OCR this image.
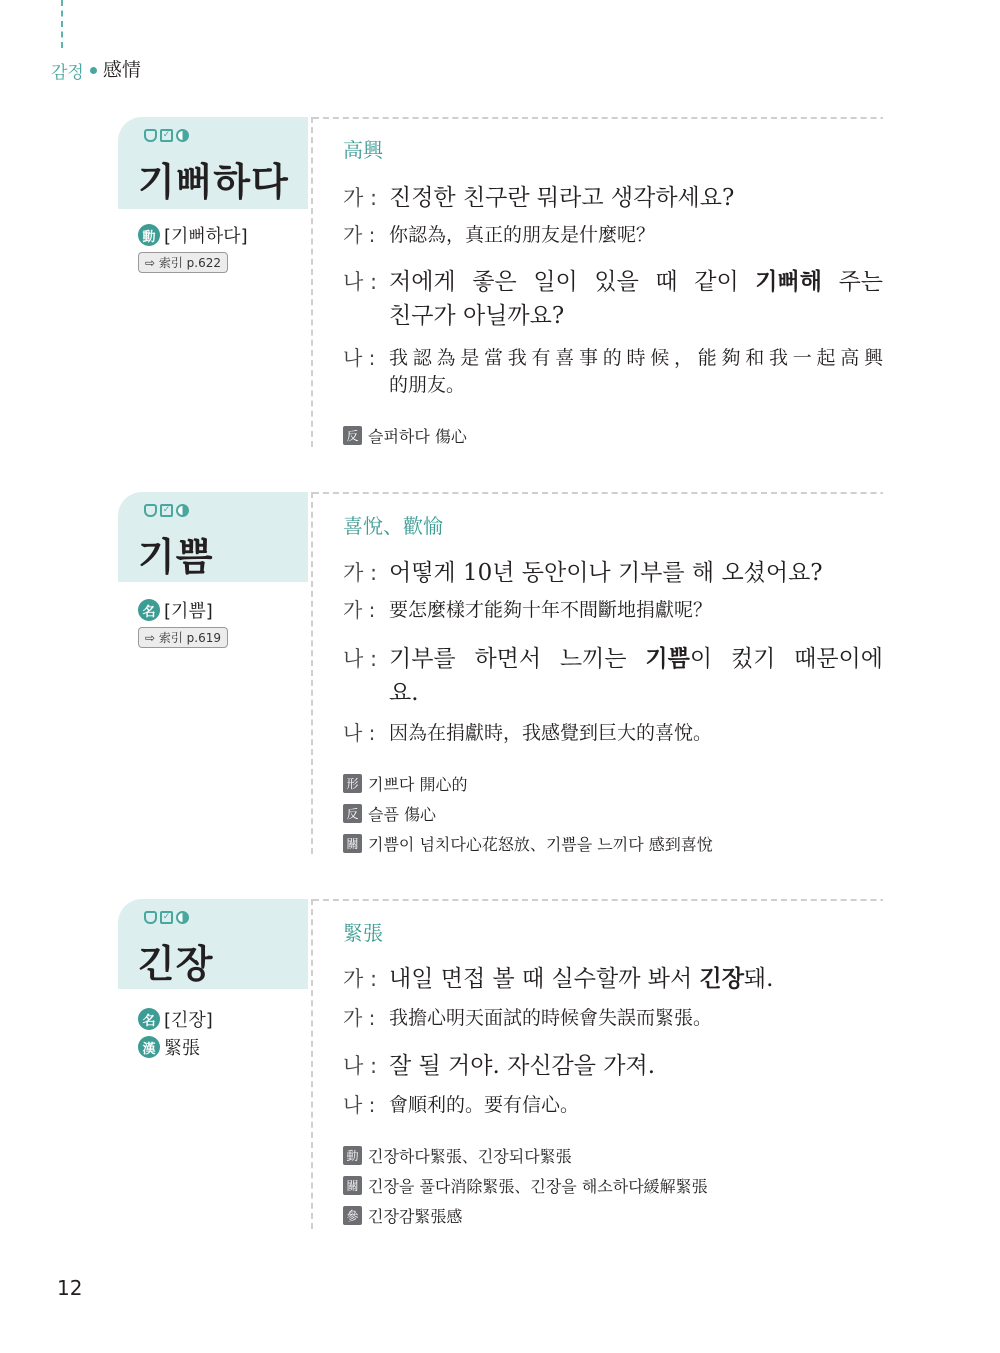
감정 感情
✓
기뻐하다
動 [기뻐하다]
⇨ 索引 p.622
高興
가 : 진정한 친구란 뭐라고 생각하세요?
가 : 你認為，真正的朋友是什麼呢？
나 : 저에게 좋은 일이 있을 때 같이 기뻐해 주는
친구가 아닐까요?
나 : 我認為是當我有喜事的時候，能夠和我一起高興
的朋友。
反 슬퍼하다 傷心
✓
기쁨
名 [기쁨]
⇨ 索引 p.619
喜悅、歡愉
가 : 어떻게 10년 동안이나 기부를 해 오셨어요?
가 : 要怎麼樣才能夠十年不間斷地捐獻呢？
나 : 기부를 하면서 느끼는 기쁨이 컸기 때문이에
요.
나 : 因為在捐獻時，我感覺到巨大的喜悅。
形 기쁘다 開心的
反 슬픔 傷心
關 기쁨이 넘치다心花怒放、기쁨을 느끼다 感到喜悅
✓
긴장
名 [긴장]
漢 緊張
緊張
가 : 내일 면접 볼 때 실수할까 봐서 긴장돼.
가 : 我擔心明天面試的時候會失誤而緊張。
나 : 잘 될 거야. 자신감을 가져.
나 : 會順利的。要有信心。
動 긴장하다緊張、긴장되다緊張
關 긴장을 풀다消除緊張、긴장을 해소하다緩解緊張
參 긴장감緊張感
12
